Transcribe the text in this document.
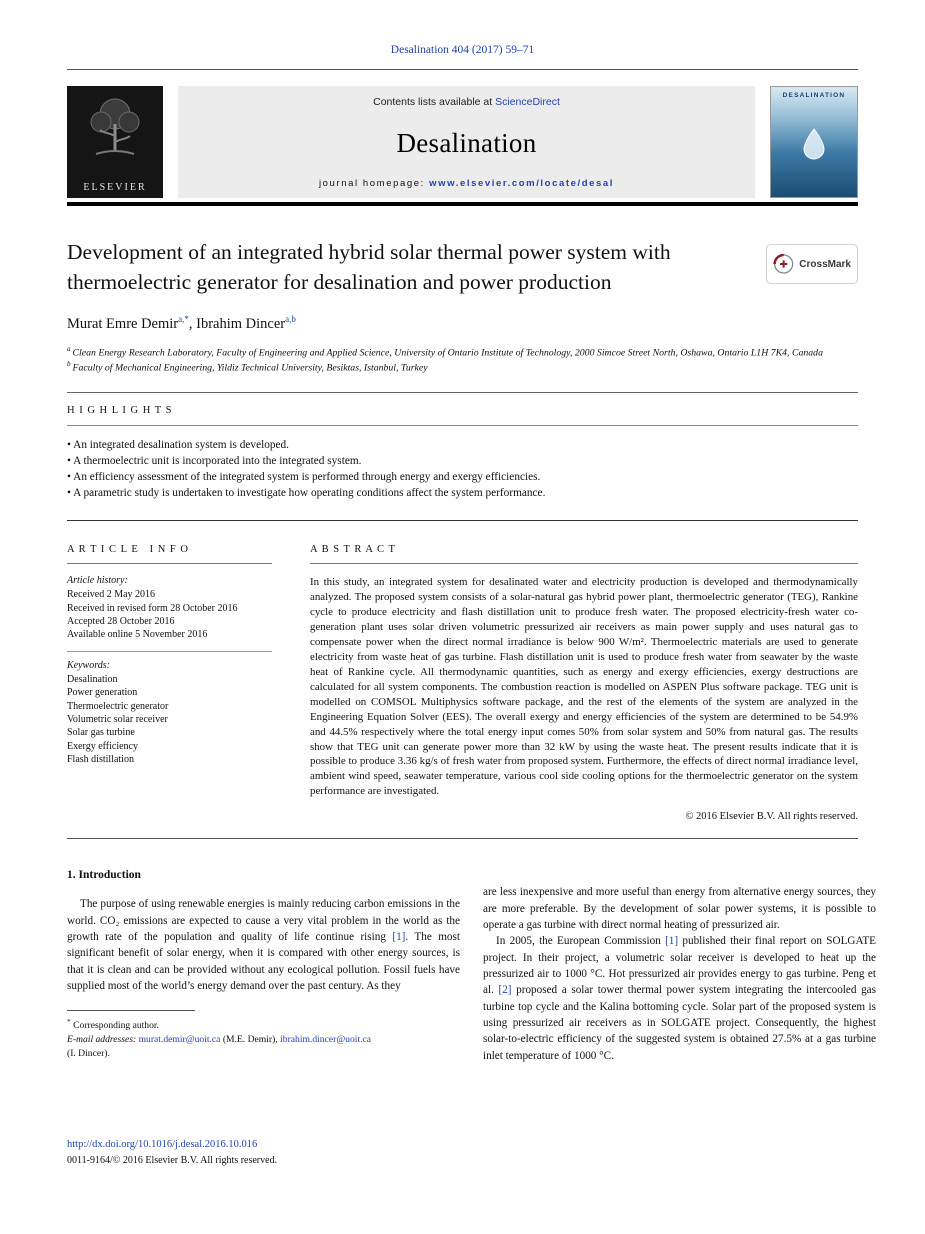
Desalination 404 (2017) 59–71
ELSEVIER
Contents lists available at ScienceDirect
Desalination
journal homepage: www.elsevier.com/locate/desal
DESALINATION
Development of an integrated hybrid solar thermal power system with thermoelectric generator for desalination and power production
CrossMark
Murat Emre Demir$^{a,*}$, Ibrahim Dincer$^{a,b}$
$^a$ Clean Energy Research Laboratory, Faculty of Engineering and Applied Science, University of Ontario Institute of Technology, 2000 Simcoe Street North, Oshawa, Ontario L1H 7K4, Canada
$^b$ Faculty of Mechanical Engineering, Yildiz Technical University, Besiktas, Istanbul, Turkey
H I G H L I G H T S
• An integrated desalination system is developed.
• A thermoelectric unit is incorporated into the integrated system.
• An efficiency assessment of the integrated system is performed through energy and exergy efficiencies.
• A parametric study is undertaken to investigate how operating conditions affect the system performance.
A R T I C L E   I N F O
Article history:
Received 2 May 2016
Received in revised form 28 October 2016
Accepted 28 October 2016
Available online 5 November 2016
Keywords:
Desalination
Power generation
Thermoelectric generator
Volumetric solar receiver
Solar gas turbine
Exergy efficiency
Flash distillation
A B S T R A C T
In this study, an integrated system for desalinated water and electricity production is developed and thermodynamically analyzed. The proposed system consists of a solar-natural gas hybrid power plant, thermoelectric generator (TEG), Rankine cycle to produce electricity and flash distillation unit to produce fresh water. The proposed electricity-fresh water co-generation plant uses solar driven volumetric pressurized air receivers as main power supply and uses natural gas to compensate power when the direct normal irradiance is below 900 W/m². Thermoelectric materials are used to generate electricity from waste heat of gas turbine. Flash distillation unit is used to produce fresh water from seawater by the waste heat of Rankine cycle. All thermodynamic quantities, such as energy and exergy efficiencies, exergy destructions are calculated for all system components. The combustion reaction is modelled on ASPEN Plus software package. TEG unit is modelled on COMSOL Multiphysics software package, and the rest of the elements of the system are analyzed in the Engineering Equation Solver (EES). The overall exergy and energy efficiencies of the system are determined to be 54.9% and 44.5% respectively where the total energy input comes 50% from solar system and 50% from natural gas. The results show that TEG unit can generate power more than 32 kW by using the waste heat. The present results indicate that it is possible to produce 3.36 kg/s of fresh water from proposed system. Furthermore, the effects of direct normal irradiance level, ambient wind speed, seawater temperature, various cool side cooling options for the thermoelectric generator on the system performance are investigated.
© 2016 Elsevier B.V. All rights reserved.
1. Introduction

The purpose of using renewable energies is mainly reducing carbon emissions in the world. CO₂ emissions are expected to cause a very vital problem in the world as the growth rate of the population and quality of life continue rising [1]. The most significant benefit of solar energy, when it is compared with other energy sources, is that it is clean and can be provided without any ecological pollution. Fossil fuels have supplied most of the world’s energy demand over the past century. As they

* Corresponding author.
E-mail addresses: murat.demir@uoit.ca (M.E. Demir), ibrahim.dincer@uoit.ca
(I. Dincer).

are less inexpensive and more useful than energy from alternative energy sources, they are more preferable. By the development of solar power systems, it is possible to operate a gas turbine with direct normal heating of pressurized air.

In 2005, the European Commission [1] published their final report on SOLGATE project. In their project, a volumetric solar receiver is developed to heat up the pressurized air to 1000 °C. Hot pressurized air provides energy to gas turbine. Peng et al. [2] proposed a solar tower thermal power system integrating the intercooled gas turbine top cycle and the Kalina bottoming cycle. Solar part of the proposed system is using pressurized air receivers as in SOLGATE project. Consequently, the highest solar-to-electric efficiency of the suggested system is obtained 27.5% at a gas turbine inlet temperature of 1000 °C.

http://dx.doi.org/10.1016/j.desal.2016.10.016
0011-9164/© 2016 Elsevier B.V. All rights reserved.
